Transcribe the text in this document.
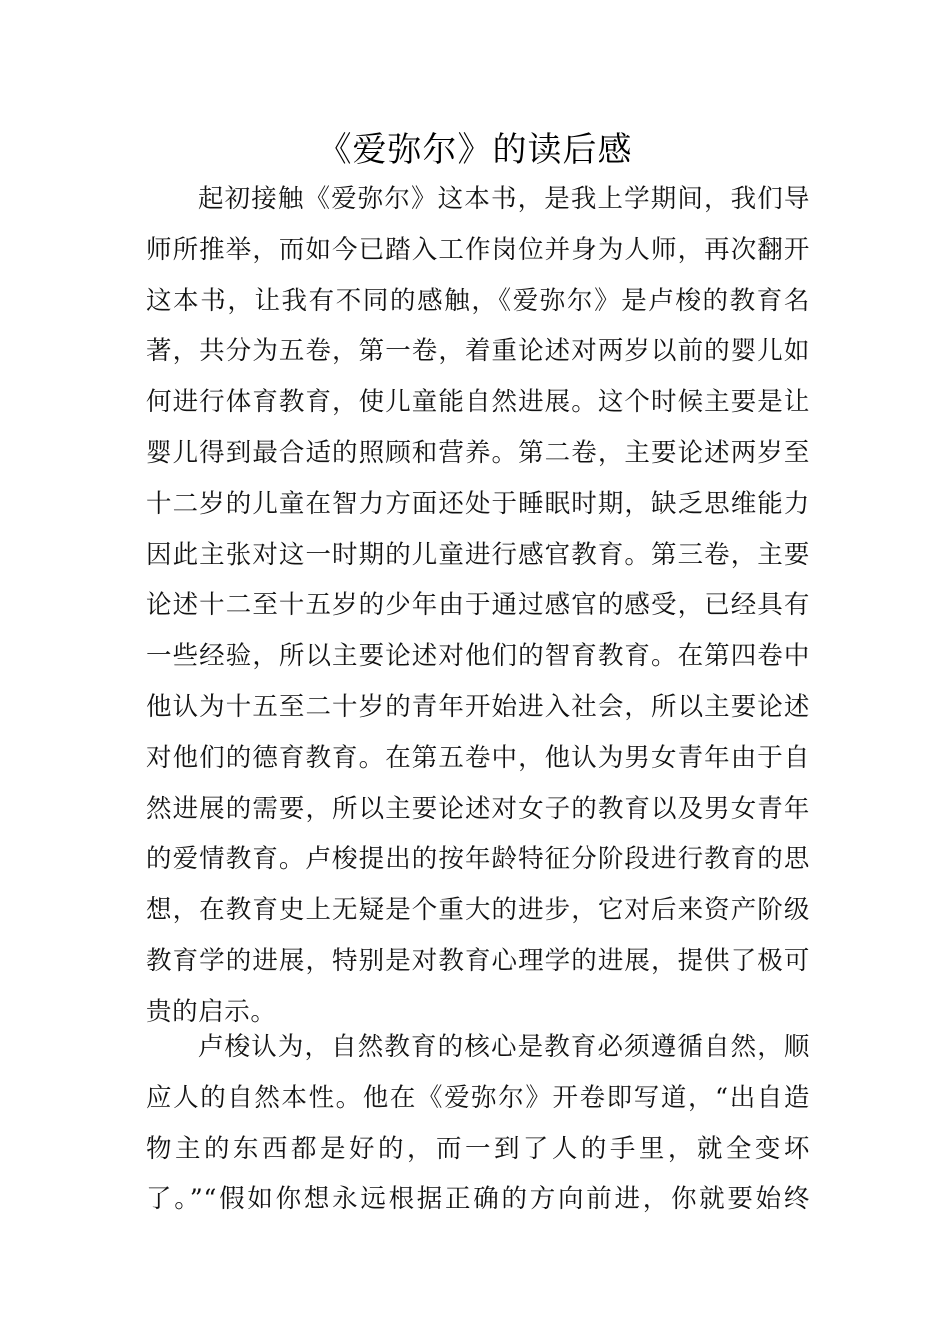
《爱弥尔》的读后感
起初接触《爱弥尔》这本书，是我上学期间，我们导
师所推举，而如今已踏入工作岗位并身为人师，再次翻开
这本书，让我有不同的感触，《爱弥尔》是卢梭的教育名
著，共分为五卷，第一卷，着重论述对两岁以前的婴儿如
何进行体育教育，使儿童能自然进展。这个时候主要是让
婴儿得到最合适的照顾和营养。第二卷，主要论述两岁至
十二岁的儿童在智力方面还处于睡眠时期，缺乏思维能力
因此主张对这一时期的儿童进行感官教育。第三卷，主要
论述十二至十五岁的少年由于通过感官的感受，已经具有
一些经验，所以主要论述对他们的智育教育。在第四卷中
他认为十五至二十岁的青年开始进入社会，所以主要论述
对他们的德育教育。在第五卷中，他认为男女青年由于自
然进展的需要，所以主要论述对女子的教育以及男女青年
的爱情教育。卢梭提出的按年龄特征分阶段进行教育的思
想，在教育史上无疑是个重大的进步，它对后来资产阶级
教育学的进展，特别是对教育心理学的进展，提供了极可
贵的启示。
卢梭认为，自然教育的核心是教育必须遵循自然，顺
应人的自然本性。他在《爱弥尔》开卷即写道，“出自造
物主的东西都是好的，而一到了人的手里，就全变坏
了。”“假如你想永远根据正确的方向前进，你就要始终
